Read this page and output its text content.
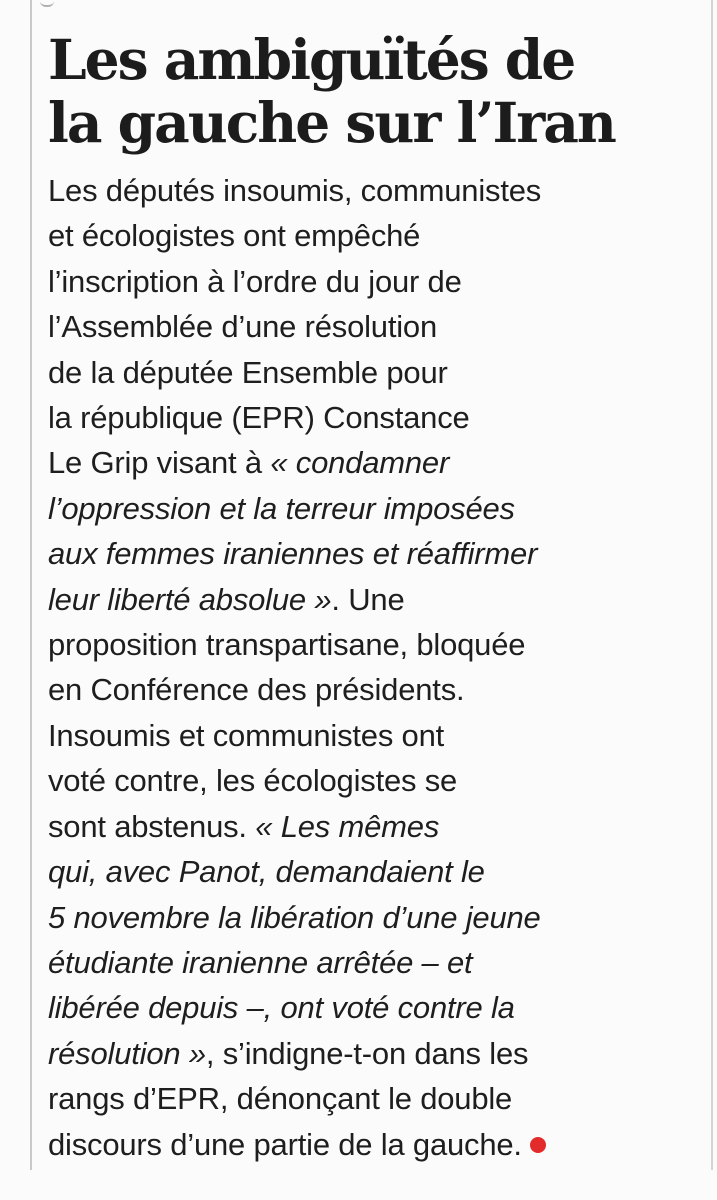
Les ambiguïtés de
la gauche sur l’Iran
Les députés insoumis, communistes
et écologistes ont empêché
l’inscription à l’ordre du jour de
l’Assemblée d’une résolution
de la députée Ensemble pour
la république (EPR) Constance
Le Grip visant à « condamner
l’oppression et la terreur imposées
aux femmes iraniennes et réaffirmer
leur liberté absolue ». Une
proposition transpartisane, bloquée
en Conférence des présidents.
Insoumis et communistes ont
voté contre, les écologistes se
sont abstenus. « Les mêmes
qui, avec Panot, demandaient le
5 novembre la libération d’une jeune
étudiante iranienne arrêtée – et
libérée depuis –, ont voté contre la
résolution », s’indigne-t-on dans les
rangs d’EPR, dénonçant le double
discours d’une partie de la gauche.
